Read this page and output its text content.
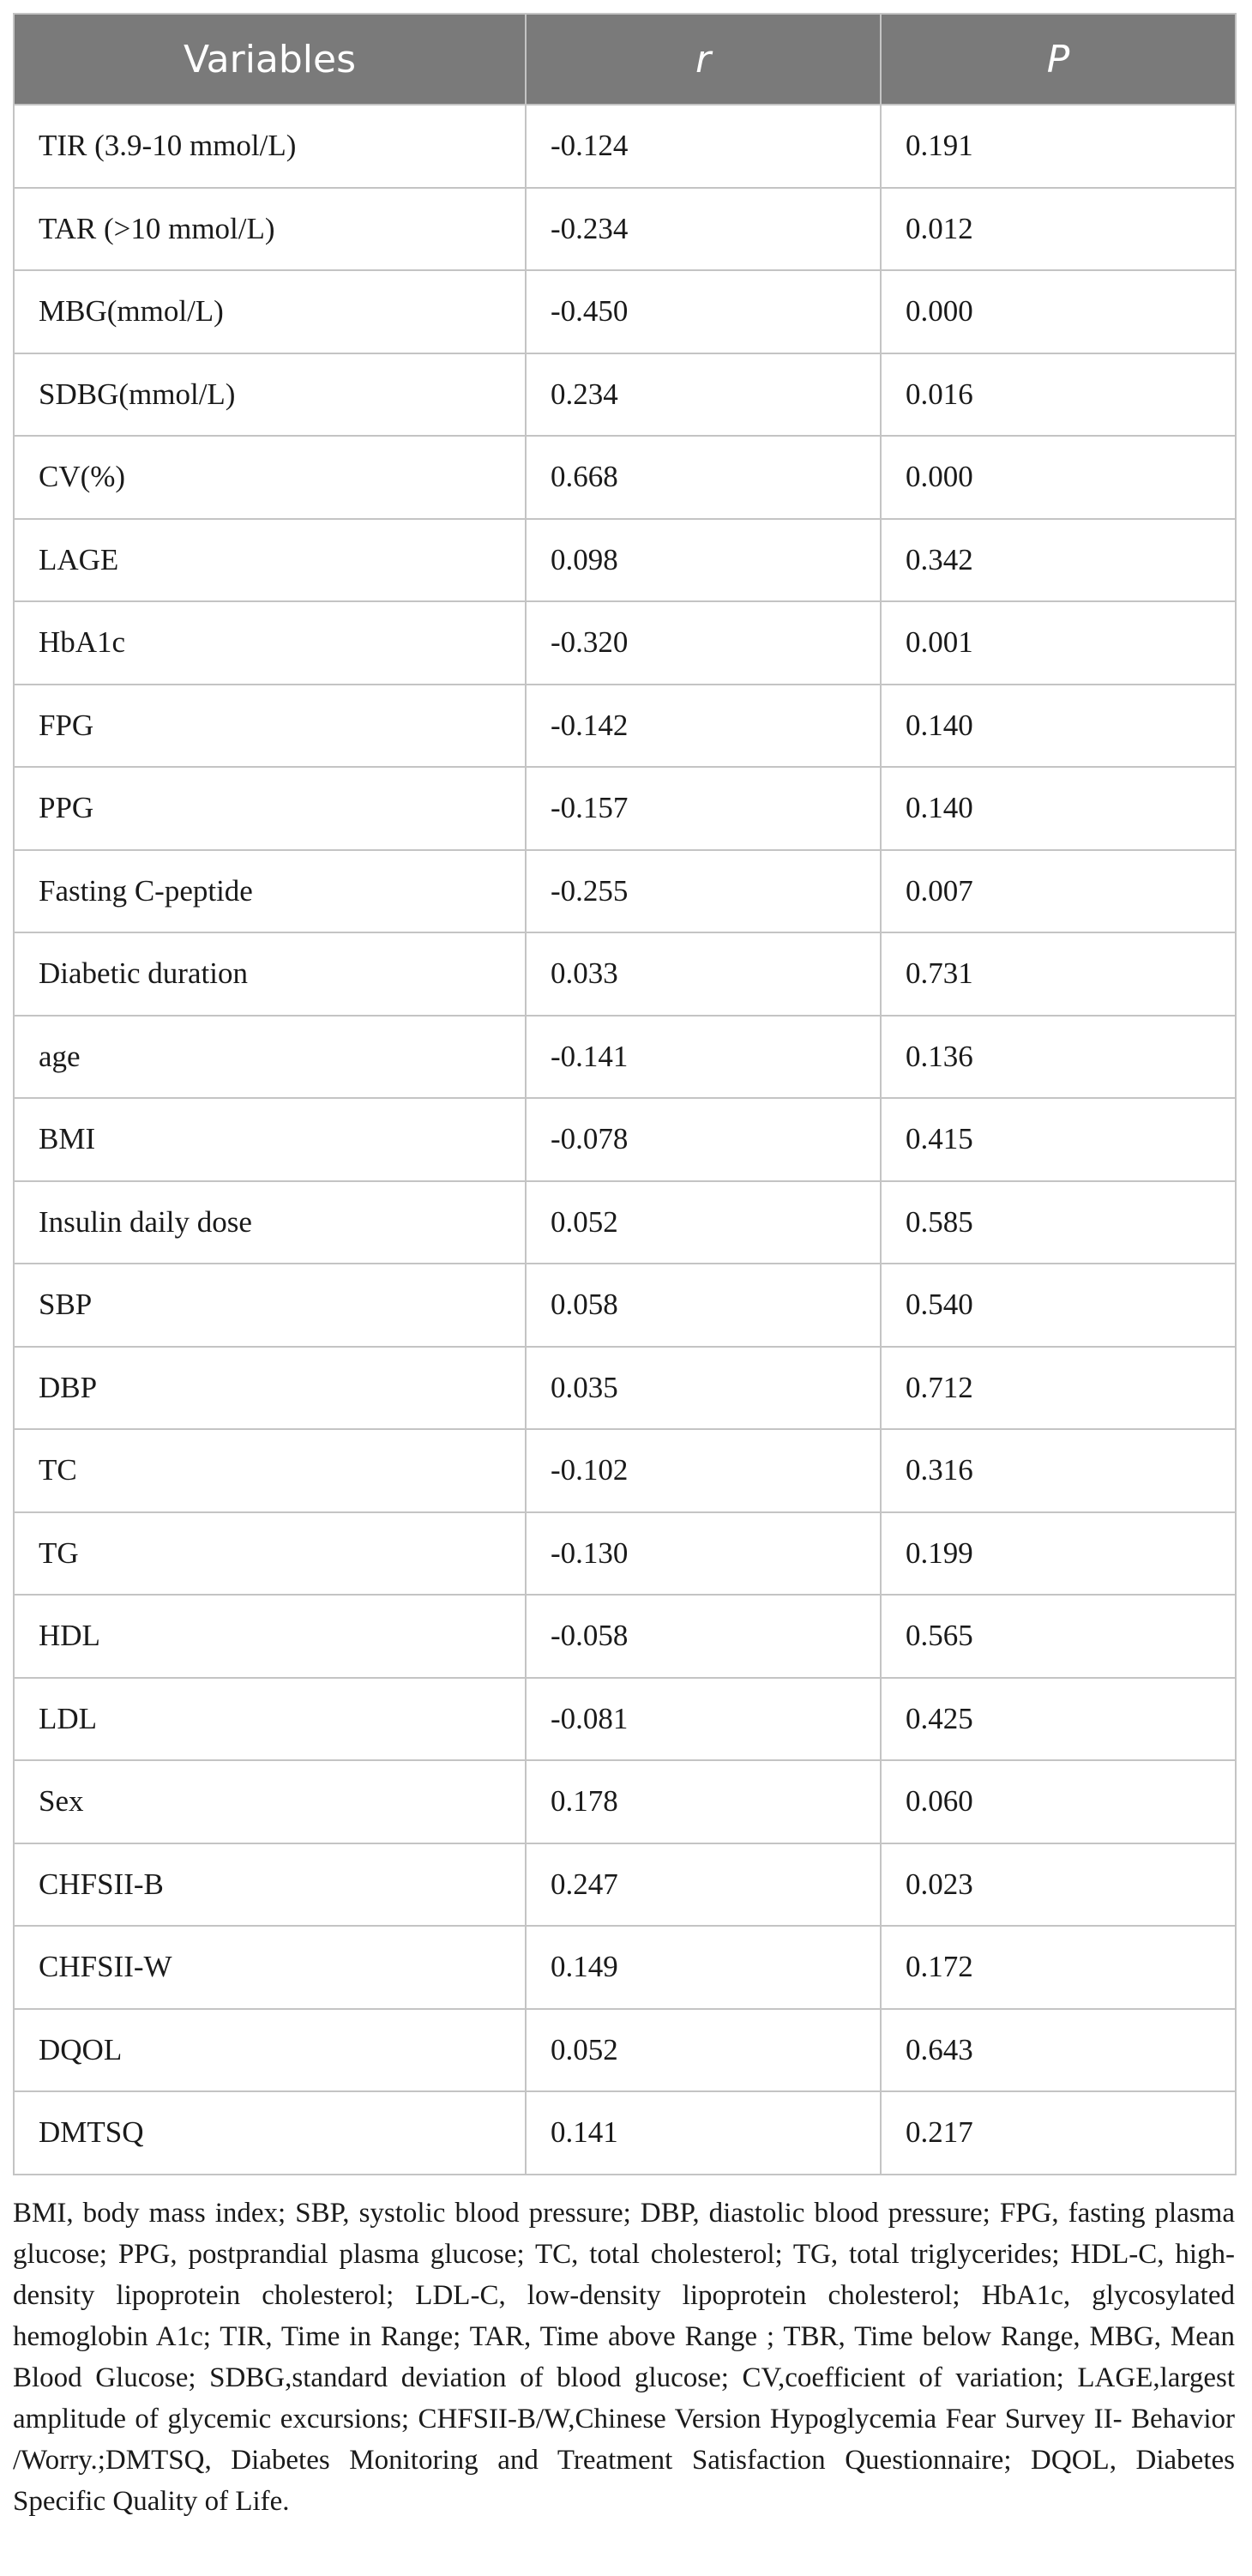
Variables	r	P
TIR (3.9-10 mmol/L)	-0.124	0.191
TAR (>10 mmol/L)	-0.234	0.012
MBG(mmol/L)	-0.450	0.000
SDBG(mmol/L)	0.234	0.016
CV(%)	0.668	0.000
LAGE	0.098	0.342
HbA1c	-0.320	0.001
FPG	-0.142	0.140
PPG	-0.157	0.140
Fasting C-peptide	-0.255	0.007
Diabetic duration	0.033	0.731
age	-0.141	0.136
BMI	-0.078	0.415
Insulin daily dose	0.052	0.585
SBP	0.058	0.540
DBP	0.035	0.712
TC	-0.102	0.316
TG	-0.130	0.199
HDL	-0.058	0.565
LDL	-0.081	0.425
Sex	0.178	0.060
CHFSII-B	0.247	0.023
CHFSII-W	0.149	0.172
DQOL	0.052	0.643
DMTSQ	0.141	0.217
BMI, body mass index; SBP, systolic blood pressure; DBP, diastolic blood pressure; FPG, fasting plasma glucose; PPG, postprandial plasma glucose; TC, total cholesterol; TG, total triglycerides; HDL-C, high-density lipoprotein cholesterol; LDL-C, low-density lipoprotein cholesterol; HbA1c, glycosylated hemoglobin A1c; TIR, Time in Range; TAR, Time above Range ; TBR, Time below Range, MBG, Mean Blood Glucose; SDBG,standard deviation of blood glucose; CV,coefficient of variation; LAGE,largest amplitude of glycemic excursions; CHFSII-B/W,Chinese Version Hypoglycemia Fear Survey II- Behavior /Worry.;DMTSQ, Diabetes Monitoring and Treatment Satisfaction Questionnaire; DQOL, Diabetes Specific Quality of Life.
